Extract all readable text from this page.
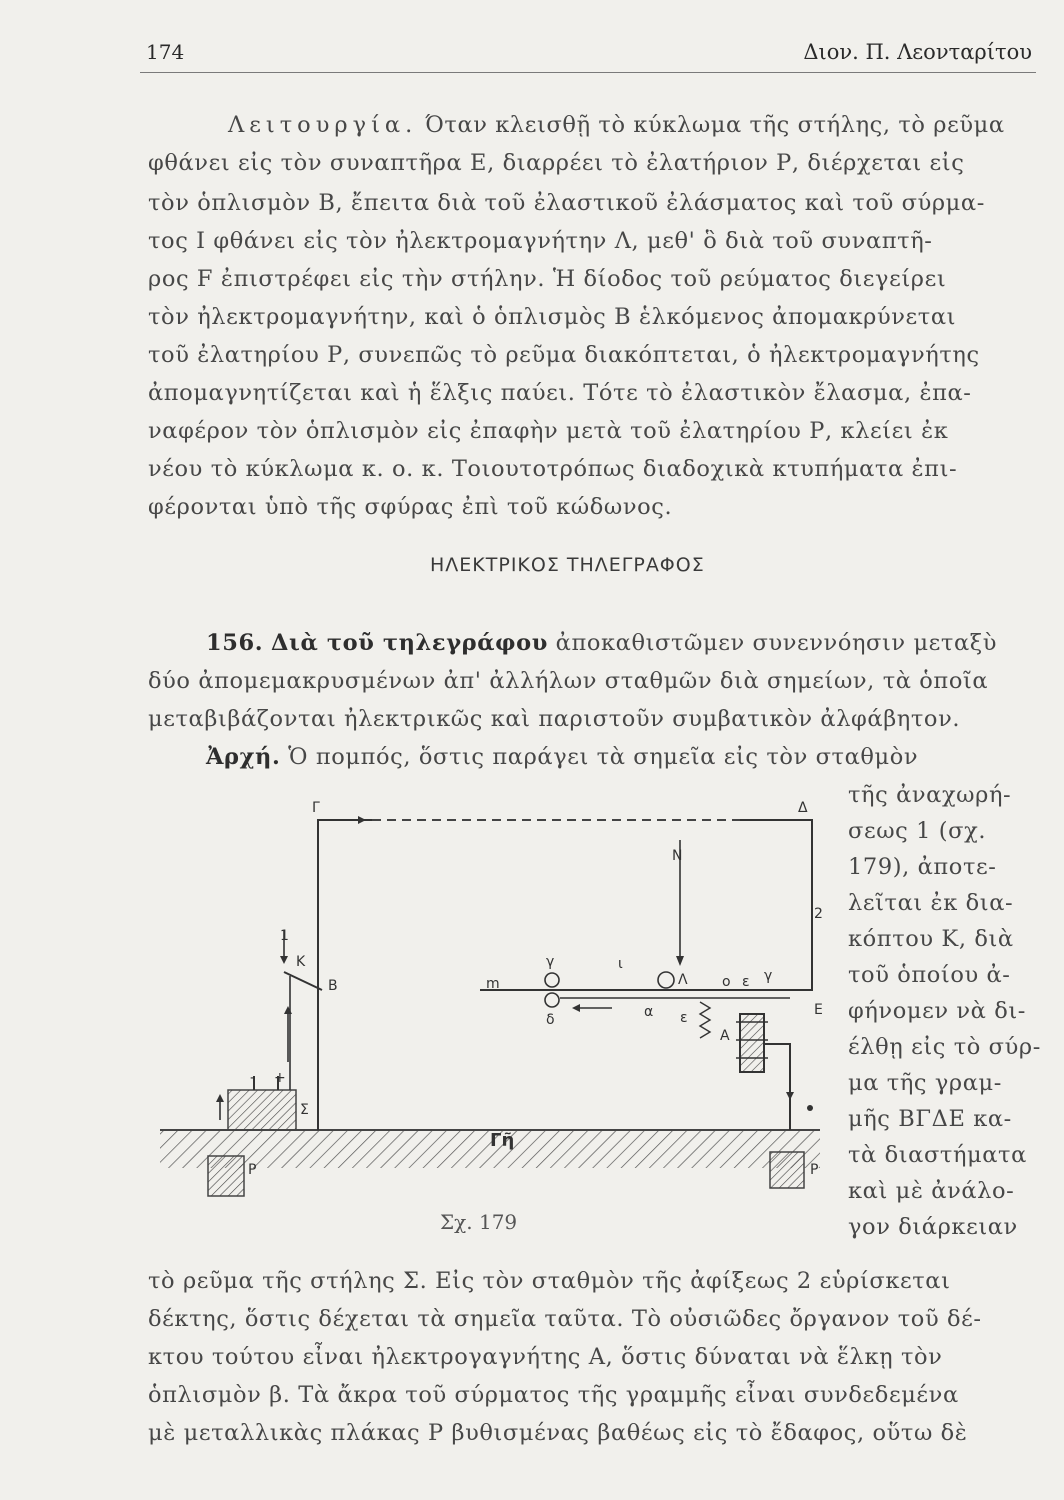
174	Διον. Π. Λεονταρίτου
Λειτουργία. Όταν κλεισθῇ τὸ κύκλωμα τῆς στήλης, τὸ ρεῦμα
φθάνει εἰς τὸν συναπτῆρα Ε, διαρρέει τὸ ἐλατήριον Ρ, διέρχεται εἰς
τὸν ὁπλισμὸν Β, ἔπειτα διὰ τοῦ ἐλαστικοῦ ἐλάσματος καὶ τοῦ σύρμα-
τος Ι φθάνει εἰς τὸν ἠλεκτρομαγνήτην Λ, μεθ' ὃ διὰ τοῦ συναπτῆ-
ρος F ἐπιστρέφει εἰς τὴν στήλην. Ἡ δίοδος τοῦ ρεύματος διεγείρει
τὸν ἠλεκτρομαγνήτην, καὶ ὁ ὁπλισμὸς Β ἑλκόμενος ἀπομακρύνεται
τοῦ ἐλατηρίου Ρ, συνεπῶς τὸ ρεῦμα διακόπτεται, ὁ ἠλεκτρομαγνήτης
ἀπομαγνητίζεται καὶ ἡ ἕλξις παύει. Τότε τὸ ἐλαστικὸν ἔλασμα, ἐπα-
ναφέρον τὸν ὁπλισμὸν εἰς ἐπαφὴν μετὰ τοῦ ἐλατηρίου Ρ, κλείει ἐκ
νέου τὸ κύκλωμα κ. ο. κ. Τοιουτοτρόπως διαδοχικὰ κτυπήματα ἐπι-
φέρονται ὑπὸ τῆς σφύρας ἐπὶ τοῦ κώδωνος.
ΗΛΕΚΤΡΙΚΟΣ ΤΗΛΕΓΡΑΦΟΣ
156. Διὰ τοῦ τηλεγράφου ἀποκαθιστῶμεν συνεννόησιν μεταξὺ
δύο ἀπομεμακρυσμένων ἀπ' ἀλλήλων σταθμῶν διὰ σημείων, τὰ ὁποῖα
μεταβιβάζονται ἠλεκτρικῶς καὶ παριστοῦν συμβατικὸν ἀλφάβητον.
Ἀρχή. Ὁ πομπός, ὅστις παράγει τὰ σημεῖα εἰς τὸν σταθμὸν
τῆς ἀναχωρή-
σεως 1 (σχ.
179), ἀποτε-
λεῖται ἐκ δια-
κόπτου Κ, διὰ
τοῦ ὁποίου ἀ-
φήνομεν νὰ δι-
έλθῃ εἰς τὸ σύρ-
μα τῆς γραμ-
μῆς ΒΓΔΕ κα-
τὰ διαστήματα
καὶ μὲ ἀνάλο-
γον διάρκειαν
Γ	Δ
N
2
1
K
B
Σ
- +
Γῆ
P	P
m
γ
δ
ι
Λ o ε γ
α ε
A
E
Σχ. 179
τὸ ρεῦμα τῆς στήλης Σ. Εἰς τὸν σταθμὸν τῆς ἀφίξεως 2 εὑρίσκεται
δέκτης, ὅστις δέχεται τὰ σημεῖα ταῦτα. Τὸ οὐσιῶδες ὄργανον τοῦ δέ-
κτου τούτου εἶναι ἠλεκτρογαγνήτης Α, ὅστις δύναται νὰ ἕλκῃ τὸν
ὁπλισμὸν β. Τὰ ἄκρα τοῦ σύρματος τῆς γραμμῆς εἶναι συνδεδεμένα
μὲ μεταλλικὰς πλάκας Ρ βυθισμένας βαθέως εἰς τὸ ἔδαφος, οὕτω δὲ
